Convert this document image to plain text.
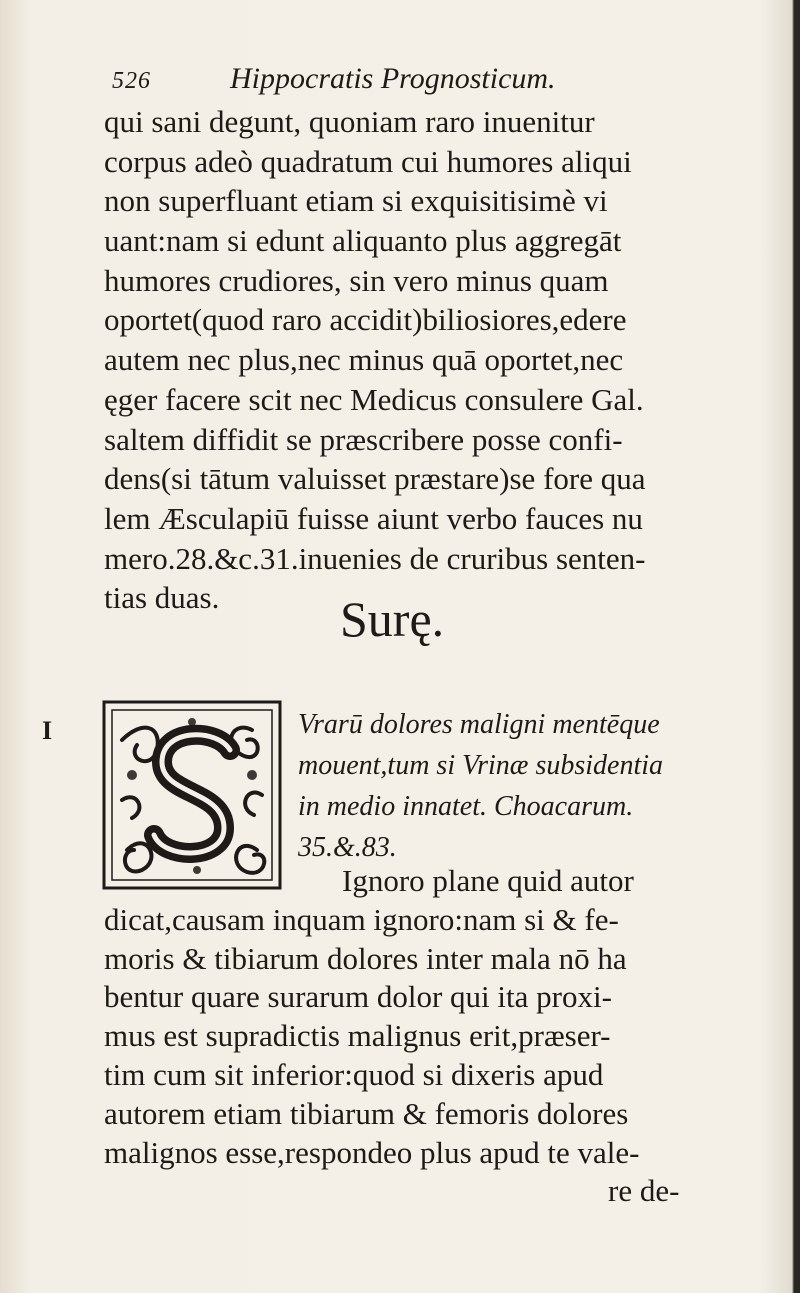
526	Hippocratis Prognosticum.
qui sani degunt, quoniam raro inuenitur
corpus adeò quadratum cui humores aliqui
non superfluant etiam si exquisitisimè vi
uant:nam si edunt aliquanto plus aggregāt
humores crudiores, sin vero minus quam
oportet(quod raro accidit)biliosiores,edere
autem nec plus,nec minus quā oportet,nec
ęger facere scit nec Medicus consulere Gal.
saltem diffidit se præscribere posse confi-
dens(si tātum valuisset præstare)se fore qua
lem Æsculapiū fuisse aiunt verbo fauces nu
mero.28.&c.31.inuenies de cruribus senten-
tias duas.	Surę.
I
S
Vrarū dolores maligni mentēque
mouent,tum si Vrinæ subsidentia
in medio innatet. Choacarum.
35.&.83.
Ignoro plane quid autor
dicat,causam inquam ignoro:nam si & fe-
moris & tibiarum dolores inter mala nō ha
bentur quare surarum dolor qui ita proxi-
mus est supradictis malignus erit,præser-
tim cum sit inferior:quod si dixeris apud
autorem etiam tibiarum & femoris dolores
malignos esse,respondeo plus apud te vale-
re de-
